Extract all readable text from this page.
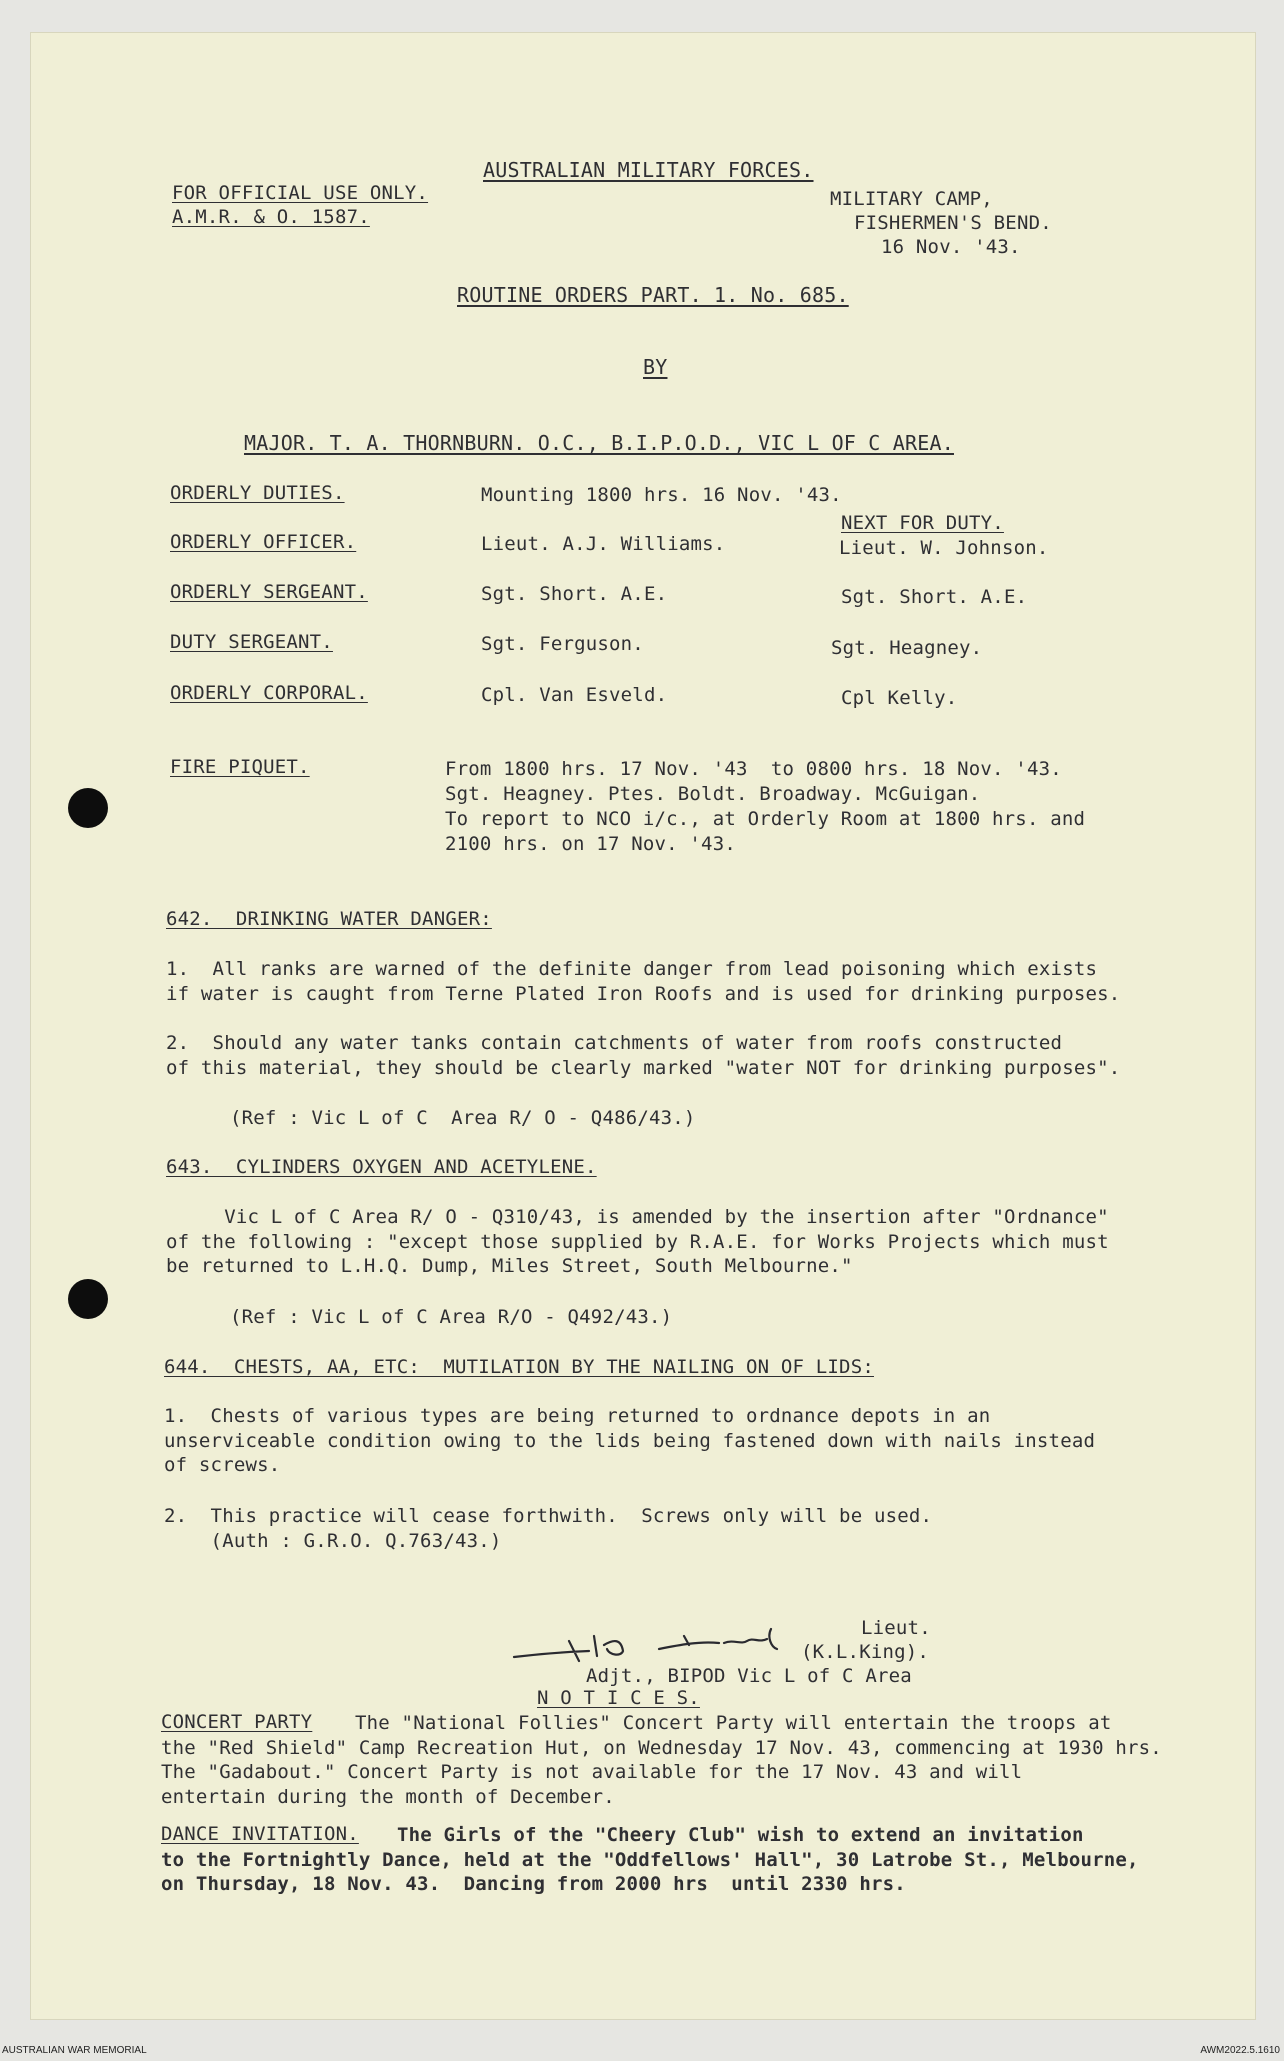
AUSTRALIAN MILITARY FORCES.
FOR OFFICIAL USE ONLY.
A.M.R. & O. 1587.
MILITARY CAMP,
FISHERMEN'S BEND.
16 Nov. '43.
ROUTINE ORDERS PART. 1. No. 685.
BY
MAJOR. T. A. THORNBURN. O.C., B.I.P.O.D., VIC L OF C AREA.
NEXT FOR DUTY.
ORDERLY DUTIES.	Mounting 1800 hrs. 16 Nov. '43.
ORDERLY OFFICER.	Lieut. A.J. Williams.	Lieut. W. Johnson.
ORDERLY SERGEANT.	Sgt. Short. A.E.	Sgt. Short. A.E.
DUTY SERGEANT.	Sgt. Ferguson.	Sgt. Heagney.
ORDERLY CORPORAL.	Cpl. Van Esveld.	Cpl Kelly.
FIRE PIQUET.	From 1800 hrs. 17 Nov. '43  to 0800 hrs. 18 Nov. '43.
Sgt. Heagney. Ptes. Boldt. Broadway. McGuigan.
To report to NCO i/c., at Orderly Room at 1800 hrs. and
2100 hrs. on 17 Nov. '43.
642.  DRINKING WATER DANGER:
1.  All ranks are warned of the definite danger from lead poisoning which exists
if water is caught from Terne Plated Iron Roofs and is used for drinking purposes.
2.  Should any water tanks contain catchments of water from roofs constructed
of this material, they should be clearly marked "water NOT for drinking purposes".
(Ref : Vic L of C  Area R/ O - Q486/43.)
643.  CYLINDERS OXYGEN AND ACETYLENE.
Vic L of C Area R/ O - Q310/43, is amended by the insertion after "Ordnance"
of the following : "except those supplied by R.A.E. for Works Projects which must
be returned to L.H.Q. Dump, Miles Street, South Melbourne."
(Ref : Vic L of C Area R/O - Q492/43.)
644.  CHESTS, AA, ETC:  MUTILATION BY THE NAILING ON OF LIDS:
1.  Chests of various types are being returned to ordnance depots in an
unserviceable condition owing to the lids being fastened down with nails instead
of screws.
2.  This practice will cease forthwith.  Screws only will be used.
(Auth : G.R.O. Q.763/43.)
Lieut.
(K.L.King).
Adjt., BIPOD Vic L of C Area
N O T I C E S.
CONCERT PARTY	The "National Follies" Concert Party will entertain the troops at
the "Red Shield" Camp Recreation Hut, on Wednesday 17 Nov. 43, commencing at 1930 hrs.
The "Gadabout." Concert Party is not available for the 17 Nov. 43 and will
entertain during the month of December.
DANCE INVITATION.

	The Girls of the "Cheery Club" wish to extend an invitation
to the Fortnightly Dance, held at the "Oddfellows' Hall", 30 Latrobe St., Melbourne,
on Thursday, 18 Nov. 43.  Dancing from 2000 hrs  until 2330 hrs.

AUSTRALIAN WAR MEMORIAL	AWM2022.5.1610
